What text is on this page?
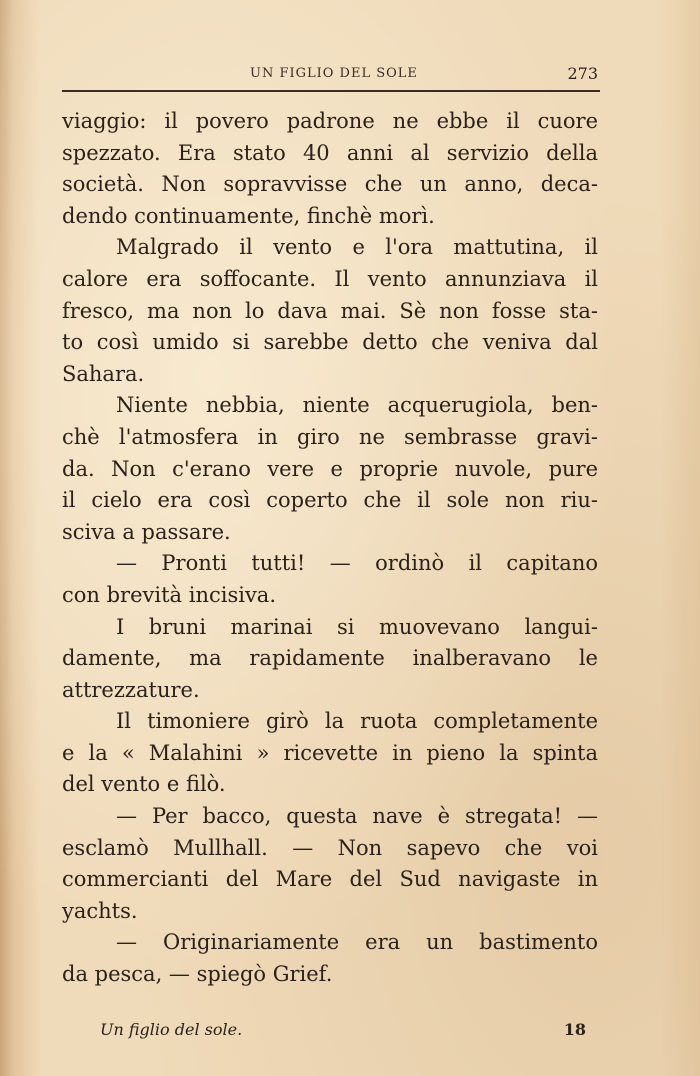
UN FIGLIO DEL SOLE	273
viaggio: il povero padrone ne ebbe il cuore
spezzato. Era stato 40 anni al servizio della
società. Non sopravvisse che un anno, deca-
dendo continuamente, finchè morì.
Malgrado il vento e l'ora mattutina, il
calore era soffocante. Il vento annunziava il
fresco, ma non lo dava mai. Sè non fosse sta-
to così umido si sarebbe detto che veniva dal
Sahara.
Niente nebbia, niente acquerugiola, ben-
chè l'atmosfera in giro ne sembrasse gravi-
da. Non c'erano vere e proprie nuvole, pure
il cielo era così coperto che il sole non riu-
sciva a passare.
— Pronti tutti! — ordinò il capitano
con brevità incisiva.
I bruni marinai si muovevano langui-
damente, ma rapidamente inalberavano le
attrezzature.
Il timoniere girò la ruota completamente
e la « Malahini » ricevette in pieno la spinta
del vento e filò.
— Per bacco, questa nave è stregata! —
esclamò Mullhall. — Non sapevo che voi
commercianti del Mare del Sud navigaste in
yachts.
— Originariamente era un bastimento
da pesca, — spiegò Grief.
Un figlio del sole.	18
